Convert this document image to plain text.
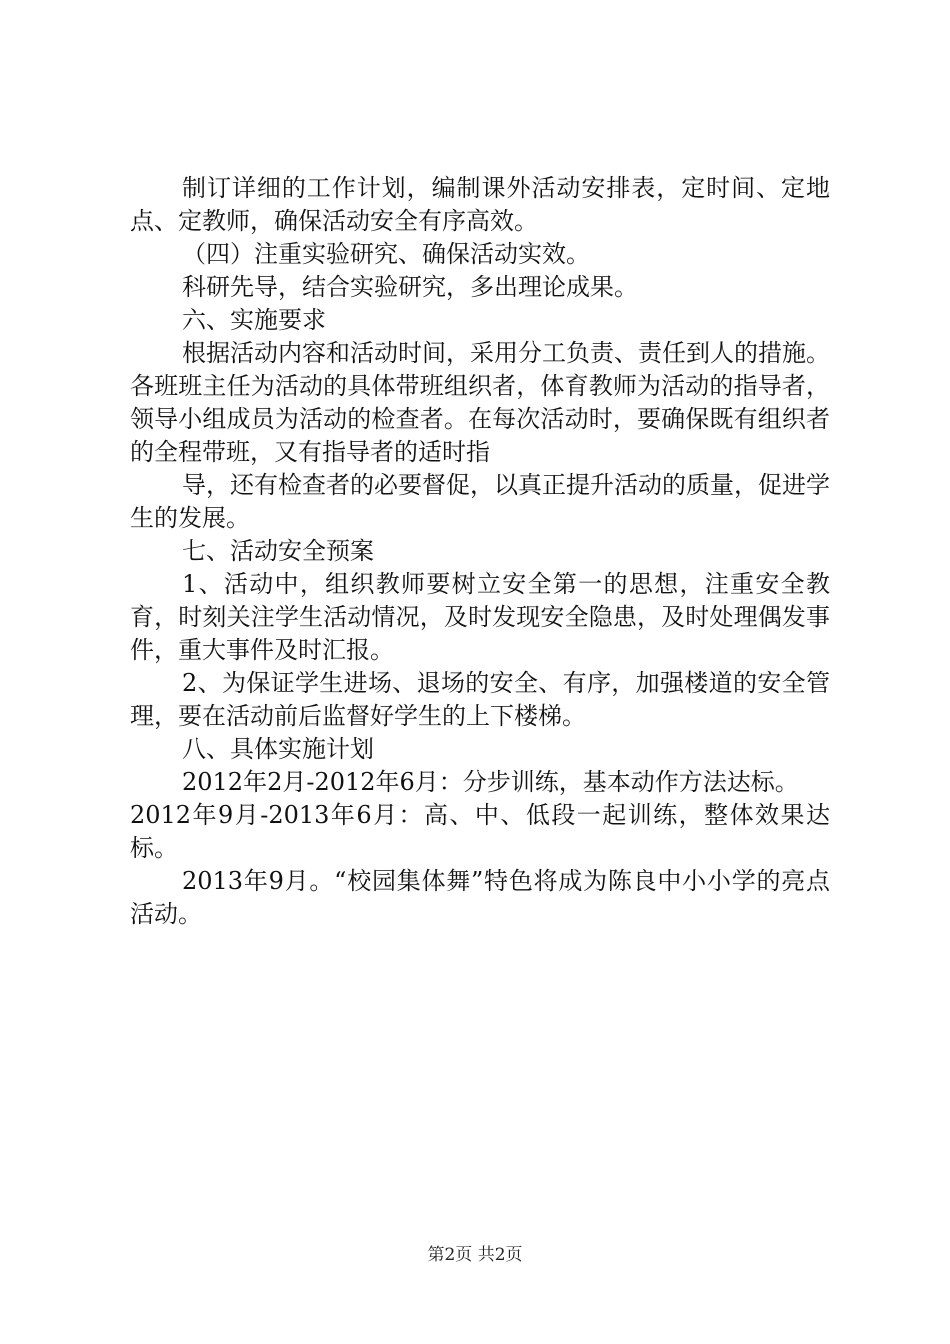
制订详细的工作计划，编制课外活动安排表，定时间、定地点、定教师，确保活动安全有序高效。

（四）注重实验研究、确保活动实效。

科研先导，结合实验研究，多出理论成果。

六、实施要求

根据活动内容和活动时间，采用分工负责、责任到人的措施。各班班主任为活动的具体带班组织者，体育教师为活动的指导者，领导小组成员为活动的检查者。在每次活动时，要确保既有组织者的全程带班，又有指导者的适时指

导，还有检查者的必要督促，以真正提升活动的质量，促进学生的发展。

七、活动安全预案

1、活动中，组织教师要树立安全第一的思想，注重安全教育，时刻关注学生活动情况，及时发现安全隐患，及时处理偶发事件，重大事件及时汇报。

2、为保证学生进场、退场的安全、有序，加强楼道的安全管理，要在活动前后监督好学生的上下楼梯。

八、具体实施计划

2012年2月-2012年6月：分步训练，基本动作方法达标。

2012年9月-2013年6月：高、中、低段一起训练，整体效果达标。

2013年9月。“校园集体舞”特色将成为陈良中小小学的亮点活动。

第2页 共2页
